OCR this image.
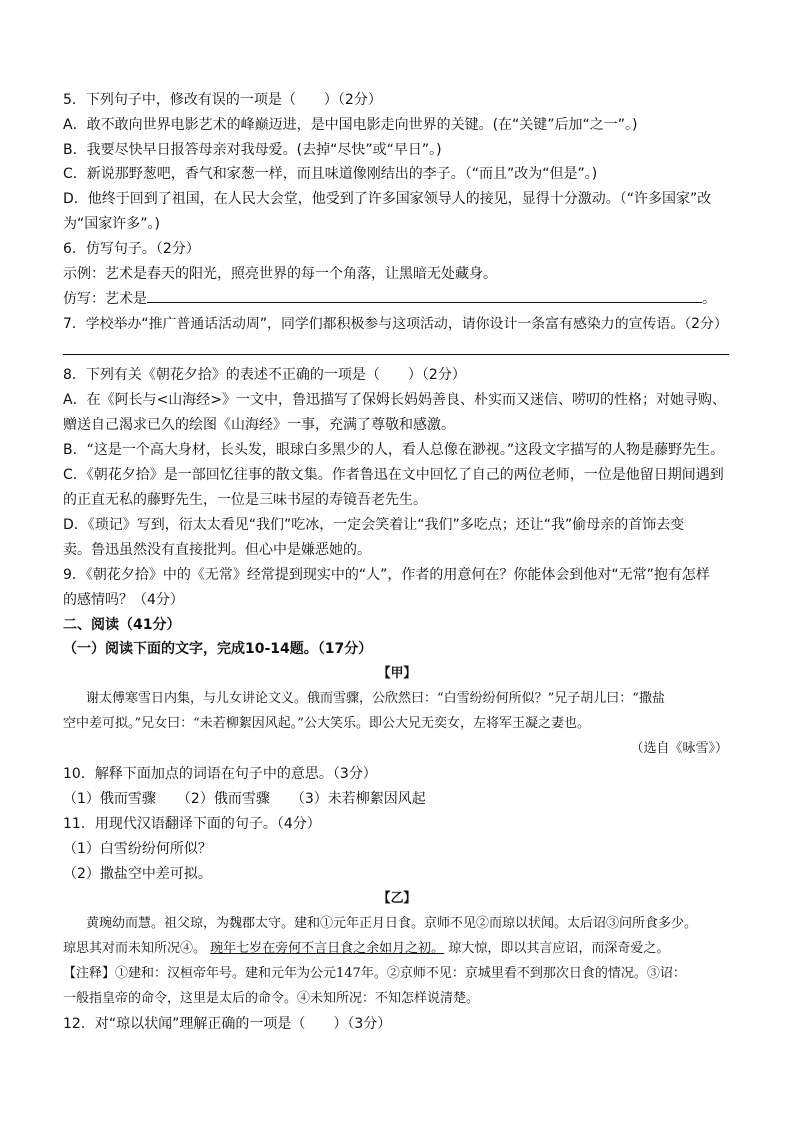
5．下列句子中，修改有误的一项是（　　）（2分）
A．敢不敢向世界电影艺术的峰巅迈进，是中国电影走向世界的关键。(在“关键”后加“之一”。)
B．我要尽快早日报答母亲对我母爱。(去掉“尽快”或“早日”。)
C．新说那野葱吧，香气和家葱一样，而且味道像刚结出的李子。（“而且”改为“但是”。)
D．他终于回到了祖国，在人民大会堂，他受到了许多国家领导人的接见，显得十分激动。（“许多国家”改
为“国家许多”。)
6．仿写句子。（2分）
示例：艺术是春天的阳光，照亮世界的每一个角落，让黑暗无处藏身。
仿写：艺术是	。
7．学校举办“推广普通话活动周”，同学们都积极参与这项活动，请你设计一条富有感染力的宣传语。（2分）
8．下列有关《朝花夕拾》的表述不正确的一项是（　　）（2分）
A．在《阿长与<山海经>》一文中，鲁迅描写了保姆长妈妈善良、朴实而又迷信、唠叨的性格；对她寻购、
赠送自己渴求已久的绘图《山海经》一事，充满了尊敬和感激。
B．“这是一个高大身材，长头发，眼球白多黑少的人，看人总像在渺视。”这段文字描写的人物是藤野先生。
C．《朝花夕拾》是一部回忆往事的散文集。作者鲁迅在文中回忆了自己的两位老师，一位是他留日期间遇到
的正直无私的藤野先生，一位是三味书屋的寿镜吾老先生。
D．《琐记》写到，衍太太看见“我们”吃冰，一定会笑着让“我们”多吃点；还让“我”偷母亲的首饰去变
卖。鲁迅虽然没有直接批判。但心中是嫌恶她的。
9．《朝花夕拾》中的《无常》经常提到现实中的“人”，作者的用意何在？你能体会到他对“无常”抱有怎样
的感情吗？（4分）
二、阅读（41分）
（一）阅读下面的文字，完成10-14题。（17分）
【甲】
谢太傅寒雪日内集，与儿女讲论文义。俄而雪骤，公欣然曰：“白雪纷纷何所似？”兄子胡儿曰：“撒盐
空中差可拟。”兄女曰：“未若柳絮因风起。”公大笑乐。即公大兄无奕女，左将军王凝之妻也。
（选自《咏雪》）
10．解释下面加点的词语在句子中的意思。（3分）
（1）俄而雪骤　　（2）俄而雪骤　　（3）未若柳絮因风起
11．用现代汉语翻译下面的句子。（4分）
（1）白雪纷纷何所似？
（2）撒盐空中差可拟。
【乙】
黄琬幼而慧。祖父琼，为魏郡太守。建和①元年正月日食。京师不见②而琼以状闻。太后诏③问所食多少。
琼思其对而未知所况④。 琬年七岁在旁何不言日食之余如月之初。 琼大惊，即以其言应诏，而深奇爱之。
【注释】①建和：汉桓帝年号。建和元年为公元147年。②京师不见：京城里看不到那次日食的情况。③诏：
一般指皇帝的命令，这里是太后的命令。④未知所况：不知怎样说清楚。
12．对“琼以状闻”理解正确的一项是（　　）（3分）
